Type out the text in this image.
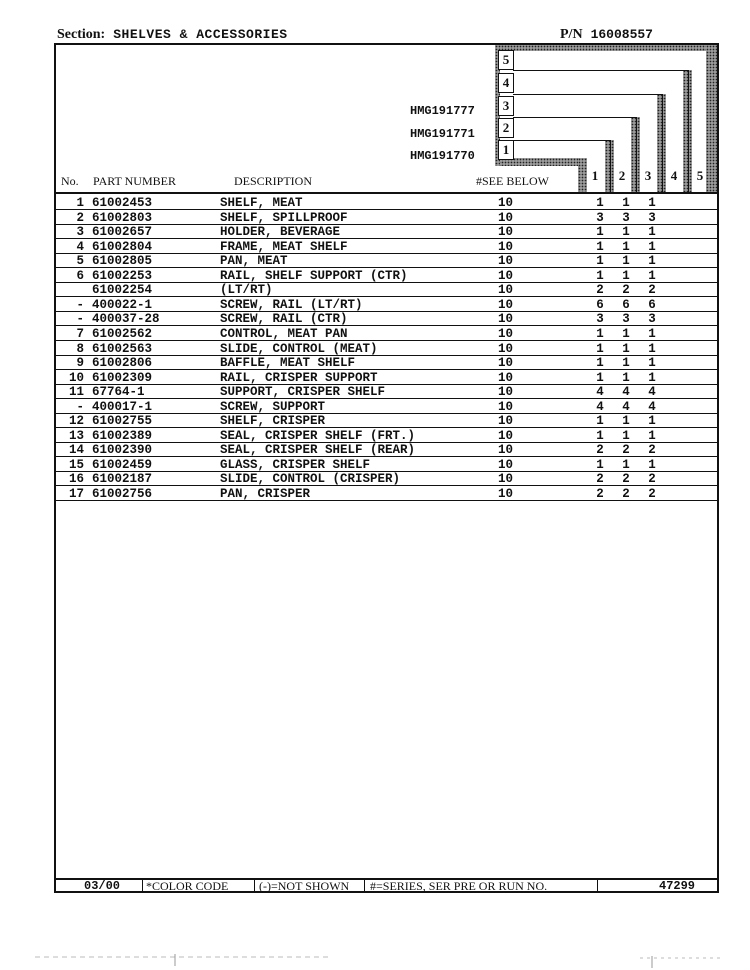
Section: SHELVES & ACCESSORIES	P/N 16008557
5
4
3
2
1
HMG191777
HMG191771
HMG191770
No. PART NUMBER	DESCRIPTION	#SEE BELOW	1 2 3 4 5
1 61002453	SHELF, MEAT	10	1 1 1
2 61002803	SHELF, SPILLPROOF	10	3 3 3
3 61002657	HOLDER, BEVERAGE	10	1 1 1
4 61002804	FRAME, MEAT SHELF	10	1 1 1
5 61002805	PAN, MEAT	10	1 1 1
6 61002253	RAIL, SHELF SUPPORT (CTR)	10	1 1 1
61002254	(LT/RT)	10	2 2 2
- 400022-1	SCREW, RAIL (LT/RT)	10	6 6 6
- 400037-28	SCREW, RAIL (CTR)	10	3 3 3
7 61002562	CONTROL, MEAT PAN	10	1 1 1
8 61002563	SLIDE, CONTROL (MEAT)	10	1 1 1
9 61002806	BAFFLE, MEAT SHELF	10	1 1 1
10 61002309	RAIL, CRISPER SUPPORT	10	1 1 1
11 67764-1	SUPPORT, CRISPER SHELF	10	4 4 4
- 400017-1	SCREW, SUPPORT	10	4 4 4
12 61002755	SHELF, CRISPER	10	1 1 1
13 61002389	SEAL, CRISPER SHELF (FRT.)	10	1 1 1
14 61002390	SEAL, CRISPER SHELF (REAR)	10	2 2 2
15 61002459	GLASS, CRISPER SHELF	10	1 1 1
16 61002187	SLIDE, CONTROL (CRISPER)	10	2 2 2
17 61002756	PAN, CRISPER	10	2 2 2
03/00 *COLOR CODE	(-)=NOT SHOWN #=SERIES, SER PRE OR RUN NO.	47299
